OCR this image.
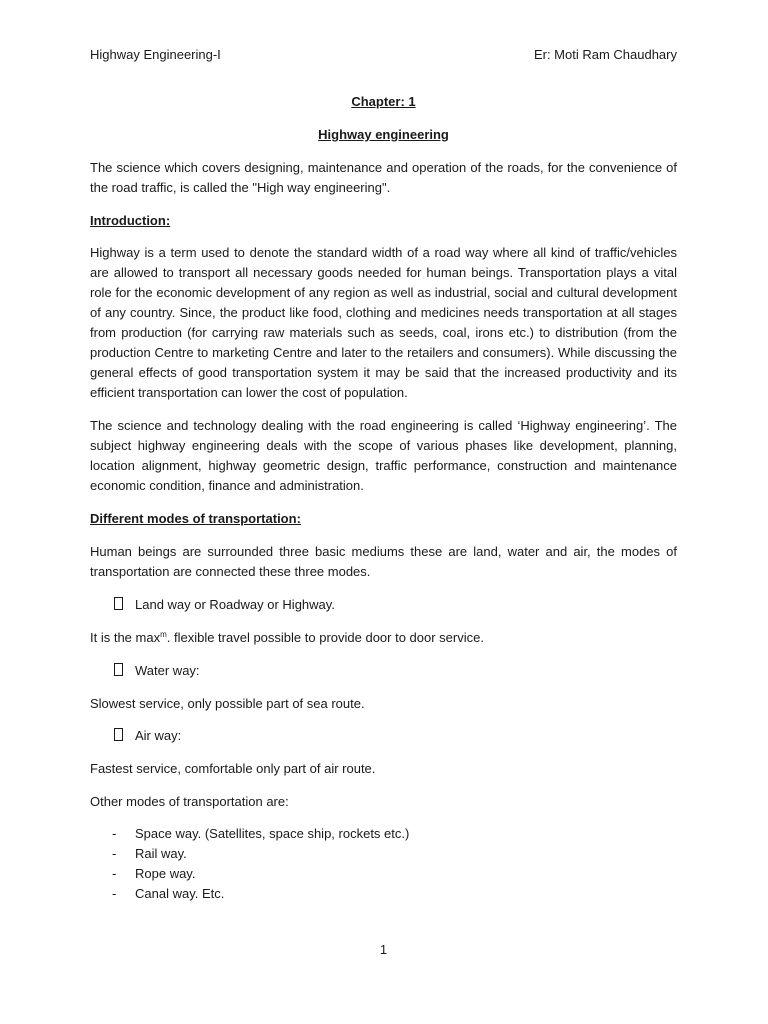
Highway Engineering-I	Er: Moti Ram Chaudhary
Chapter: 1
Highway engineering

The science which covers designing, maintenance and operation of the roads, for the convenience of the road traffic, is called the "High way engineering".

Introduction:

Highway is a term used to denote the standard width of a road way where all kind of traffic/vehicles are allowed to transport all necessary goods needed for human beings. Transportation plays a vital role for the economic development of any region as well as industrial, social and cultural development of any country. Since, the product like food, clothing and medicines needs transportation at all stages from production (for carrying raw materials such as seeds, coal, irons etc.) to distribution (from the production Centre to marketing Centre and later to the retailers and consumers). While discussing the general effects of good transportation system it may be said that the increased productivity and its efficient transportation can lower the cost of population.

The science and technology dealing with the road engineering is called ‘Highway engineering’. The subject highway engineering deals with the scope of various phases like development, planning, location alignment, highway geometric design, traffic performance, construction and maintenance economic condition, finance and administration.

Different modes of transportation:

Human beings are surrounded three basic mediums these are land, water and air, the modes of transportation are connected these three modes.

Land way or Roadway or Highway.
It is the $\max^m$. flexible travel possible to provide door to door service.
Water way:
Slowest service, only possible part of sea route.
Air way:
Fastest service, comfortable only part of air route.
Other modes of transportation are:
- Space way. (Satellites, space ship, rockets etc.)
- Rail way.
- Rope way.
- Canal way. Etc.
1
